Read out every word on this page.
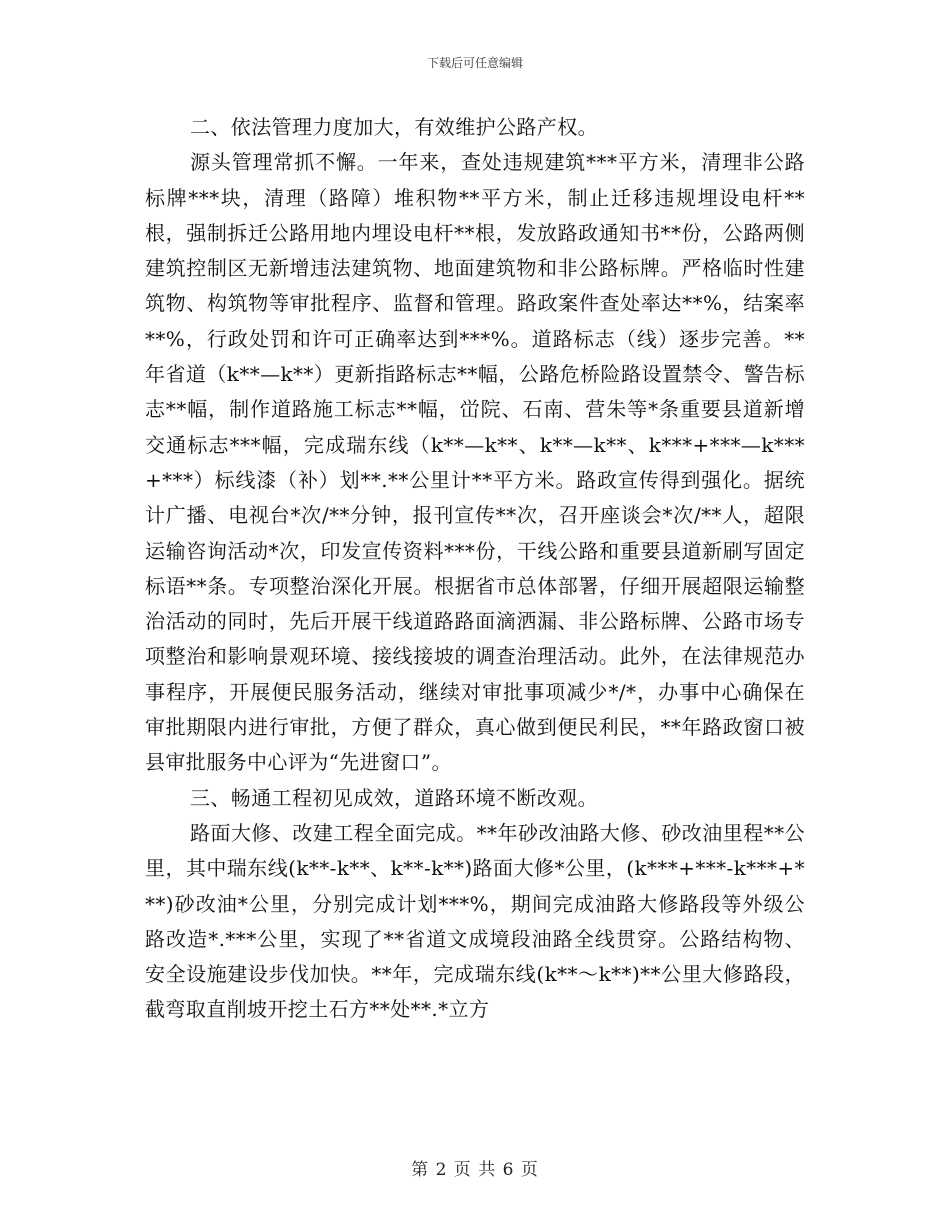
下载后可任意编辑

二、依法管理力度加大，有效维护公路产权。

源头管理常抓不懈。一年来，查处违规建筑***平方米，清理非公路标牌***块，清理（路障）堆积物**平方米，制止迁移违规埋设电杆**根，强制拆迁公路用地内埋设电杆**根，发放路政通知书**份，公路两侧建筑控制区无新增违法建筑物、地面建筑物和非公路标牌。严格临时性建筑物、构筑物等审批程序、监督和管理。路政案件查处率达**%，结案率**%，行政处罚和许可正确率达到***%。道路标志（线）逐步完善。**年省道（k**—k**）更新指路标志**幅，公路危桥险路设置禁令、警告标志**幅，制作道路施工标志**幅，峃院、石南、营朱等*条重要县道新增交通标志***幅，完成瑞东线（k**—k**、k**—k**、k***+***—k***+***）标线漆（补）划**.**公里计**平方米。路政宣传得到强化。据统计广播、电视台*次/**分钟，报刊宣传**次，召开座谈会*次/**人，超限运输咨询活动*次，印发宣传资料***份，干线公路和重要县道新刷写固定标语**条。专项整治深化开展。根据省市总体部署，仔细开展超限运输整治活动的同时，先后开展干线道路路面滴洒漏、非公路标牌、公路市场专项整治和影响景观环境、接线接坡的调查治理活动。此外，在法律规范办事程序，开展便民服务活动，继续对审批事项减少*/*，办事中心确保在审批期限内进行审批，方便了群众，真心做到便民利民，**年路政窗口被县审批服务中心评为“先进窗口”。

三、畅通工程初见成效，道路环境不断改观。

路面大修、改建工程全面完成。**年砂改油路大修、砂改油里程**公里，其中瑞东线(k**-k**、k**-k**)路面大修*公里，(k***+***-k***+***)砂改油*公里，分别完成计划***%，期间完成油路大修路段等外级公路改造*.***公里，实现了**省道文成境段油路全线贯穿。公路结构物、安全设施建设步伐加快。**年，完成瑞东线(k**～k**)**公里大修路段，截弯取直削坡开挖土石方**处**.*立方

第 2 页 共 6 页
